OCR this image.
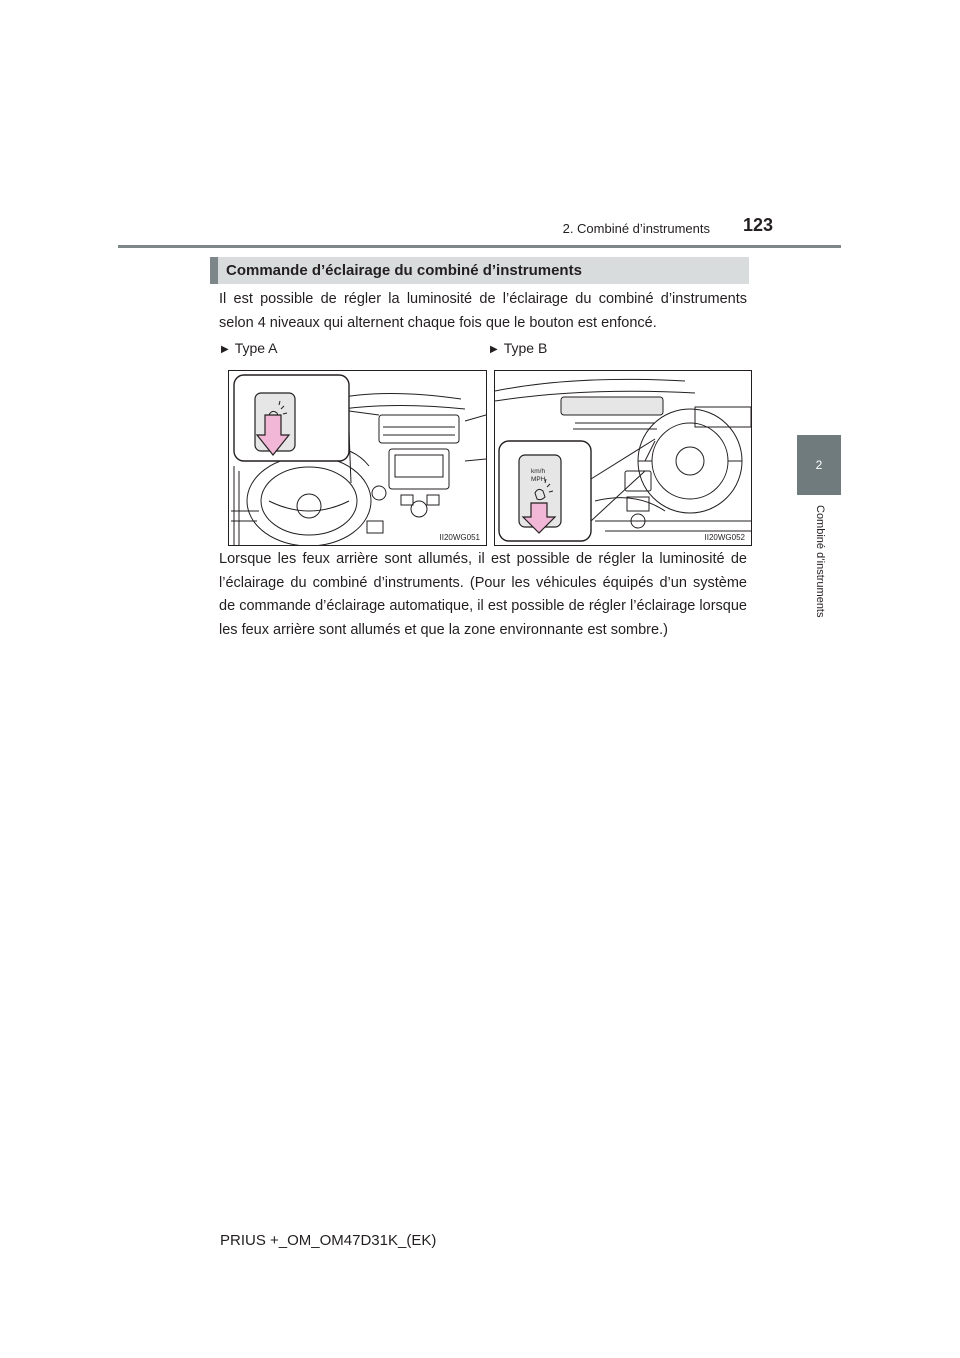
2. Combiné d’instruments	123
2
Combiné d’instruments
Commande d’éclairage du combiné d’instruments

Il est possible de régler la luminosité de l’éclairage du combiné d’instruments selon 4 niveaux qui alternent chaque fois que le bouton est enfoncé.

▶ Type A	▶ Type B
II20WG051
km/h
MPH
II20WG052

Lorsque les feux arrière sont allumés, il est possible de régler la luminosité de l’éclairage du combiné d’instruments. (Pour les véhicules équipés d’un système de commande d’éclairage automatique, il est possible de régler l’éclairage lorsque les feux arrière sont allumés et que la zone environnante est sombre.)

PRIUS +_OM_OM47D31K_(EK)
